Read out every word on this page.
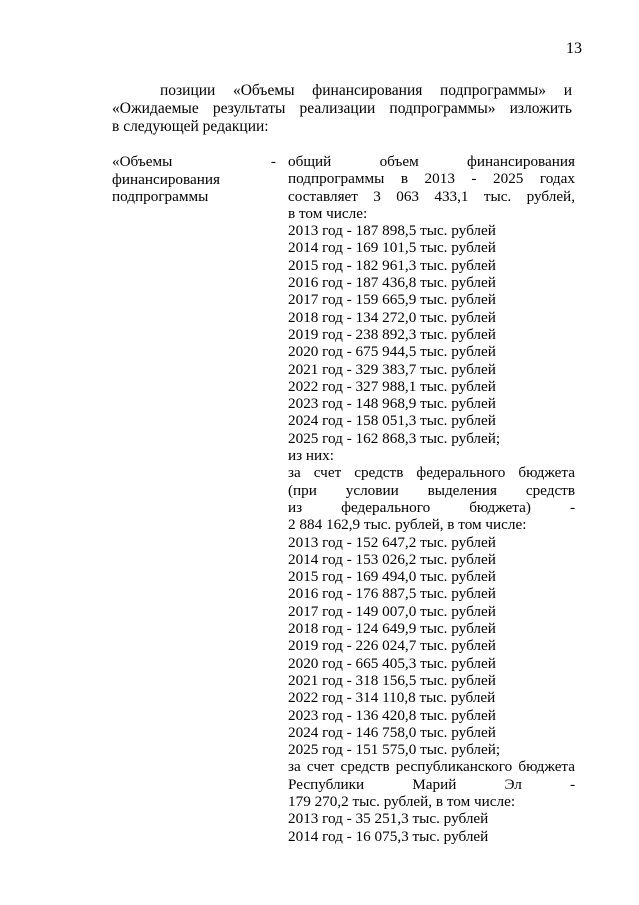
13
позиции «Объемы финансирования подпрограммы» и
«Ожидаемые результаты реализации подпрограммы» изложить
в следующей редакции:
«Объемы -
финансирования
подпрограммы
общий объем финансирования
подпрограммы в 2013 - 2025 годах
составляет 3 063 433,1 тыс. рублей,
в том числе:
2013 год - 187 898,5 тыс. рублей
2014 год - 169 101,5 тыс. рублей
2015 год - 182 961,3 тыс. рублей
2016 год - 187 436,8 тыс. рублей
2017 год - 159 665,9 тыс. рублей
2018 год - 134 272,0 тыс. рублей
2019 год - 238 892,3 тыс. рублей
2020 год - 675 944,5 тыс. рублей
2021 год - 329 383,7 тыс. рублей
2022 год - 327 988,1 тыс. рублей
2023 год - 148 968,9 тыс. рублей
2024 год - 158 051,3 тыс. рублей
2025 год - 162 868,3 тыс. рублей;
из них:
за счет средств федерального бюджета
(при условии выделения средств
из федерального бюджета) -
2 884 162,9 тыс. рублей, в том числе:
2013 год - 152 647,2 тыс. рублей
2014 год - 153 026,2 тыс. рублей
2015 год - 169 494,0 тыс. рублей
2016 год - 176 887,5 тыс. рублей
2017 год - 149 007,0 тыс. рублей
2018 год - 124 649,9 тыс. рублей
2019 год - 226 024,7 тыс. рублей
2020 год - 665 405,3 тыс. рублей
2021 год - 318 156,5 тыс. рублей
2022 год - 314 110,8 тыс. рублей
2023 год - 136 420,8 тыс. рублей
2024 год - 146 758,0 тыс. рублей
2025 год - 151 575,0 тыс. рублей;
за счет средств республиканского бюджета
Республики Марий Эл -
179 270,2 тыс. рублей, в том числе:
2013 год - 35 251,3 тыс. рублей
2014 год - 16 075,3 тыс. рублей
